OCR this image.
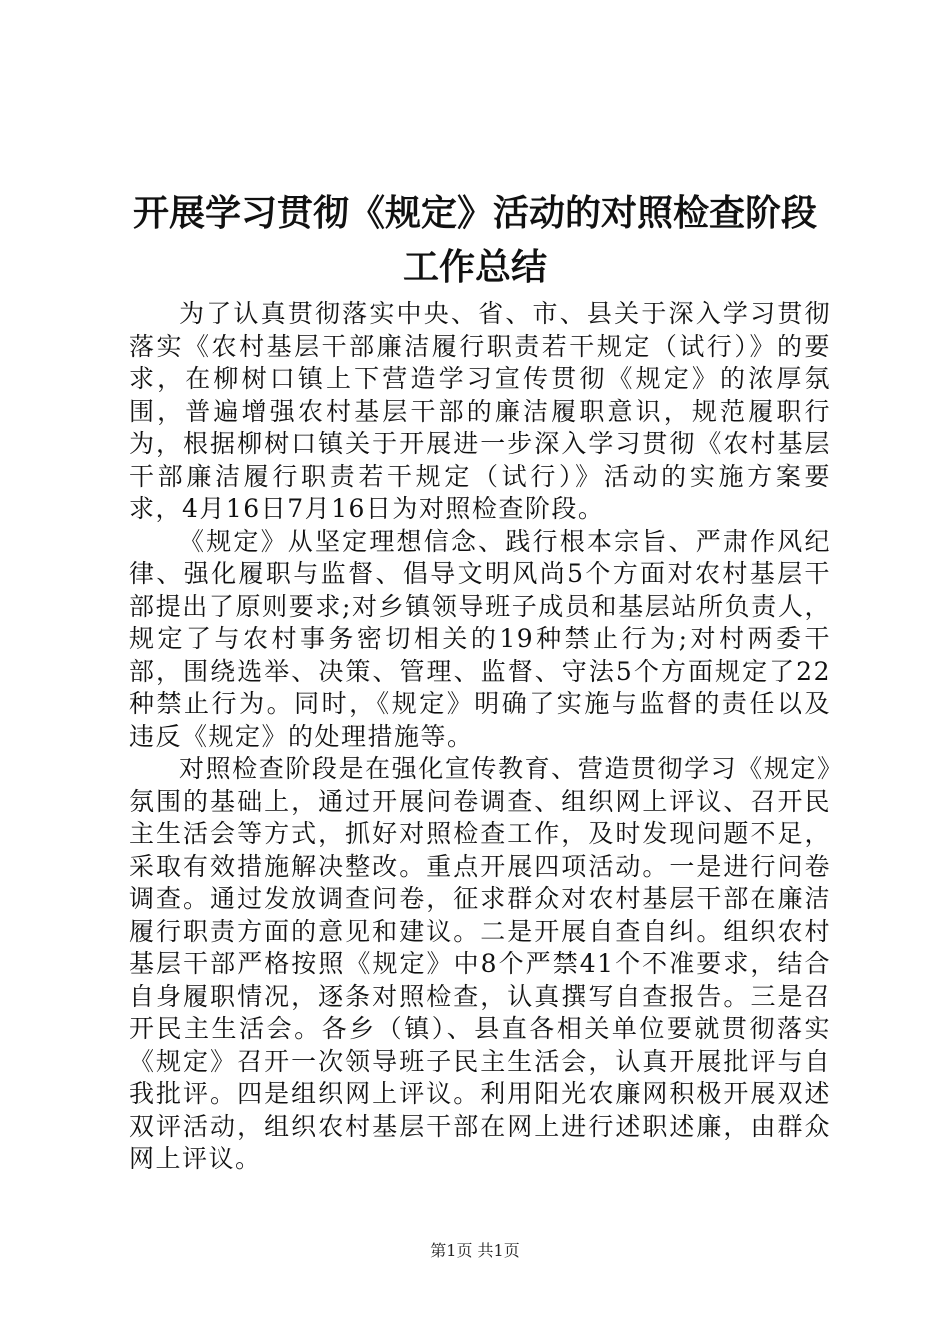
开展学习贯彻《规定》活动的对照检查阶段工作总结

为了认真贯彻落实中央、省、市、县关于深入学习贯彻落实《农村基层干部廉洁履行职责若干规定（试行）》的要求，在柳树口镇上下营造学习宣传贯彻《规定》的浓厚氛围，普遍增强农村基层干部的廉洁履职意识，规范履职行为，根据柳树口镇关于开展进一步深入学习贯彻《农村基层干部廉洁履行职责若干规定（试行）》活动的实施方案要求，4月16日7月16日为对照检查阶段。

《规定》从坚定理想信念、践行根本宗旨、严肃作风纪律、强化履职与监督、倡导文明风尚5个方面对农村基层干部提出了原则要求;对乡镇领导班子成员和基层站所负责人，规定了与农村事务密切相关的19种禁止行为;对村两委干部，围绕选举、决策、管理、监督、守法5个方面规定了22种禁止行为。同时，《规定》明确了实施与监督的责任以及违反《规定》的处理措施等。

对照检查阶段是在强化宣传教育、营造贯彻学习《规定》氛围的基础上，通过开展问卷调查、组织网上评议、召开民主生活会等方式，抓好对照检查工作，及时发现问题不足，采取有效措施解决整改。重点开展四项活动。一是进行问卷调查。通过发放调查问卷，征求群众对农村基层干部在廉洁履行职责方面的意见和建议。二是开展自查自纠。组织农村基层干部严格按照《规定》中8个严禁41个不准要求，结合自身履职情况，逐条对照检查，认真撰写自查报告。三是召开民主生活会。各乡（镇）、县直各相关单位要就贯彻落实《规定》召开一次领导班子民主生活会，认真开展批评与自我批评。四是组织网上评议。利用阳光农廉网积极开展双述双评活动，组织农村基层干部在网上进行述职述廉，由群众网上评议。

第1页 共1页
